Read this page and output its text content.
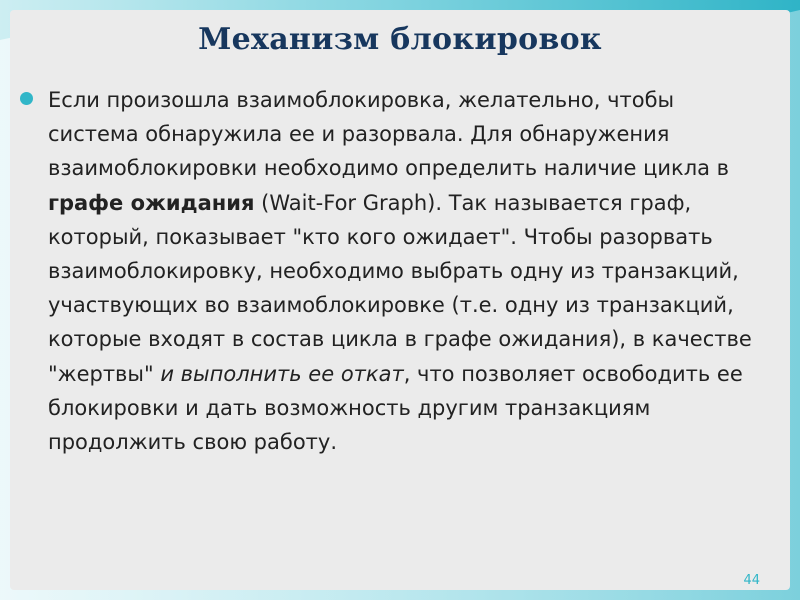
Механизм блокировок

Если произошла взаимоблокировка, желательно, чтобы система обнаружила ее и разорвала. Для обнаружения взаимоблокировки необходимо определить наличие цикла в графе ожидания (Wait-For Graph). Так называется граф, который, показывает "кто кого ожидает". Чтобы разорвать взаимоблокировку, необходимо выбрать одну из транзакций, участвующих во взаимоблокировке (т.е. одну из транзакций, которые входят в состав цикла в графе ожидания), в качестве "жертвы" и выполнить ее откат, что позволяет освободить ее блокировки и дать возможность другим транзакциям продолжить свою работу.

44
